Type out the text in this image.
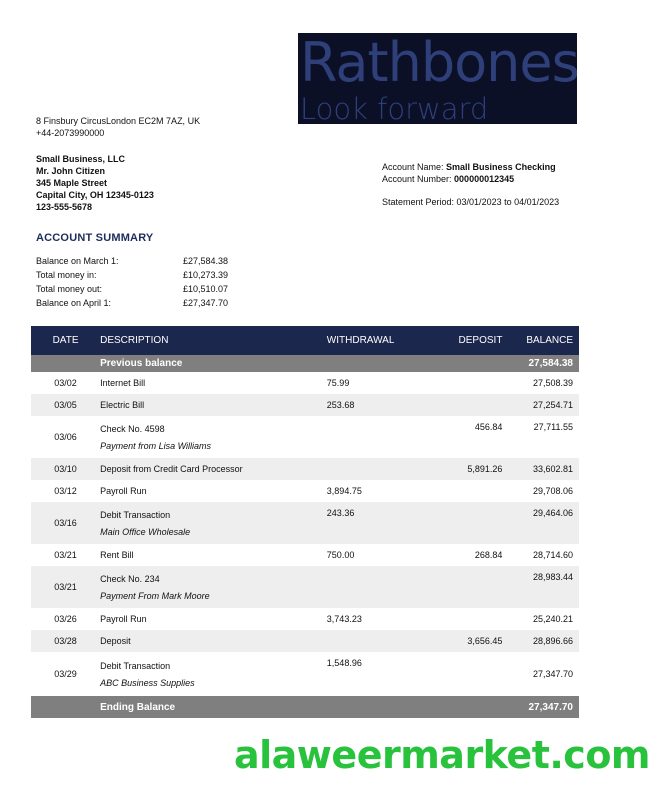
Rathbones
Look forward
8 Finsbury CircusLondon EC2M 7AZ, UK
+44-2073990000
Small Business, LLC
Mr. John Citizen
345 Maple Street
Capital City, OH 12345-0123
123-555-5678
Account Name: Small Business Checking
Account Number: 000000012345
Statement Period: 03/01/2023 to 04/01/2023
ACCOUNT SUMMARY
Balance on March 1:	£27,584.38
Total money in:	£10,273.39
Total money out:	£10,510.07
Balance on April 1:	£27,347.70
DATE	DESCRIPTION	WITHDRAWAL	DEPOSIT	BALANCE
	Previous balance			27,584.38
03/02	Internet Bill	75.99		27,508.39
03/05	Electric Bill	253.68		27,254.71
03/06	Check No. 4598
Payment from Lisa Williams		456.84	27,711.55
03/10	Deposit from Credit Card Processor		5,891.26	33,602.81
03/12	Payroll Run	3,894.75		29,708.06
03/16	Debit Transaction
Main Office Wholesale	243.36		29,464.06
03/21	Rent Bill	750.00	268.84	28,714.60
03/21	Check No. 234
Payment From Mark Moore			28,983.44
03/26	Payroll Run	3,743.23		25,240.21
03/28	Deposit		3,656.45	28,896.66
03/29	Debit Transaction
ABC Business Supplies	1,548.96		27,347.70
	Ending Balance			27,347.70
alaweermarket.com
